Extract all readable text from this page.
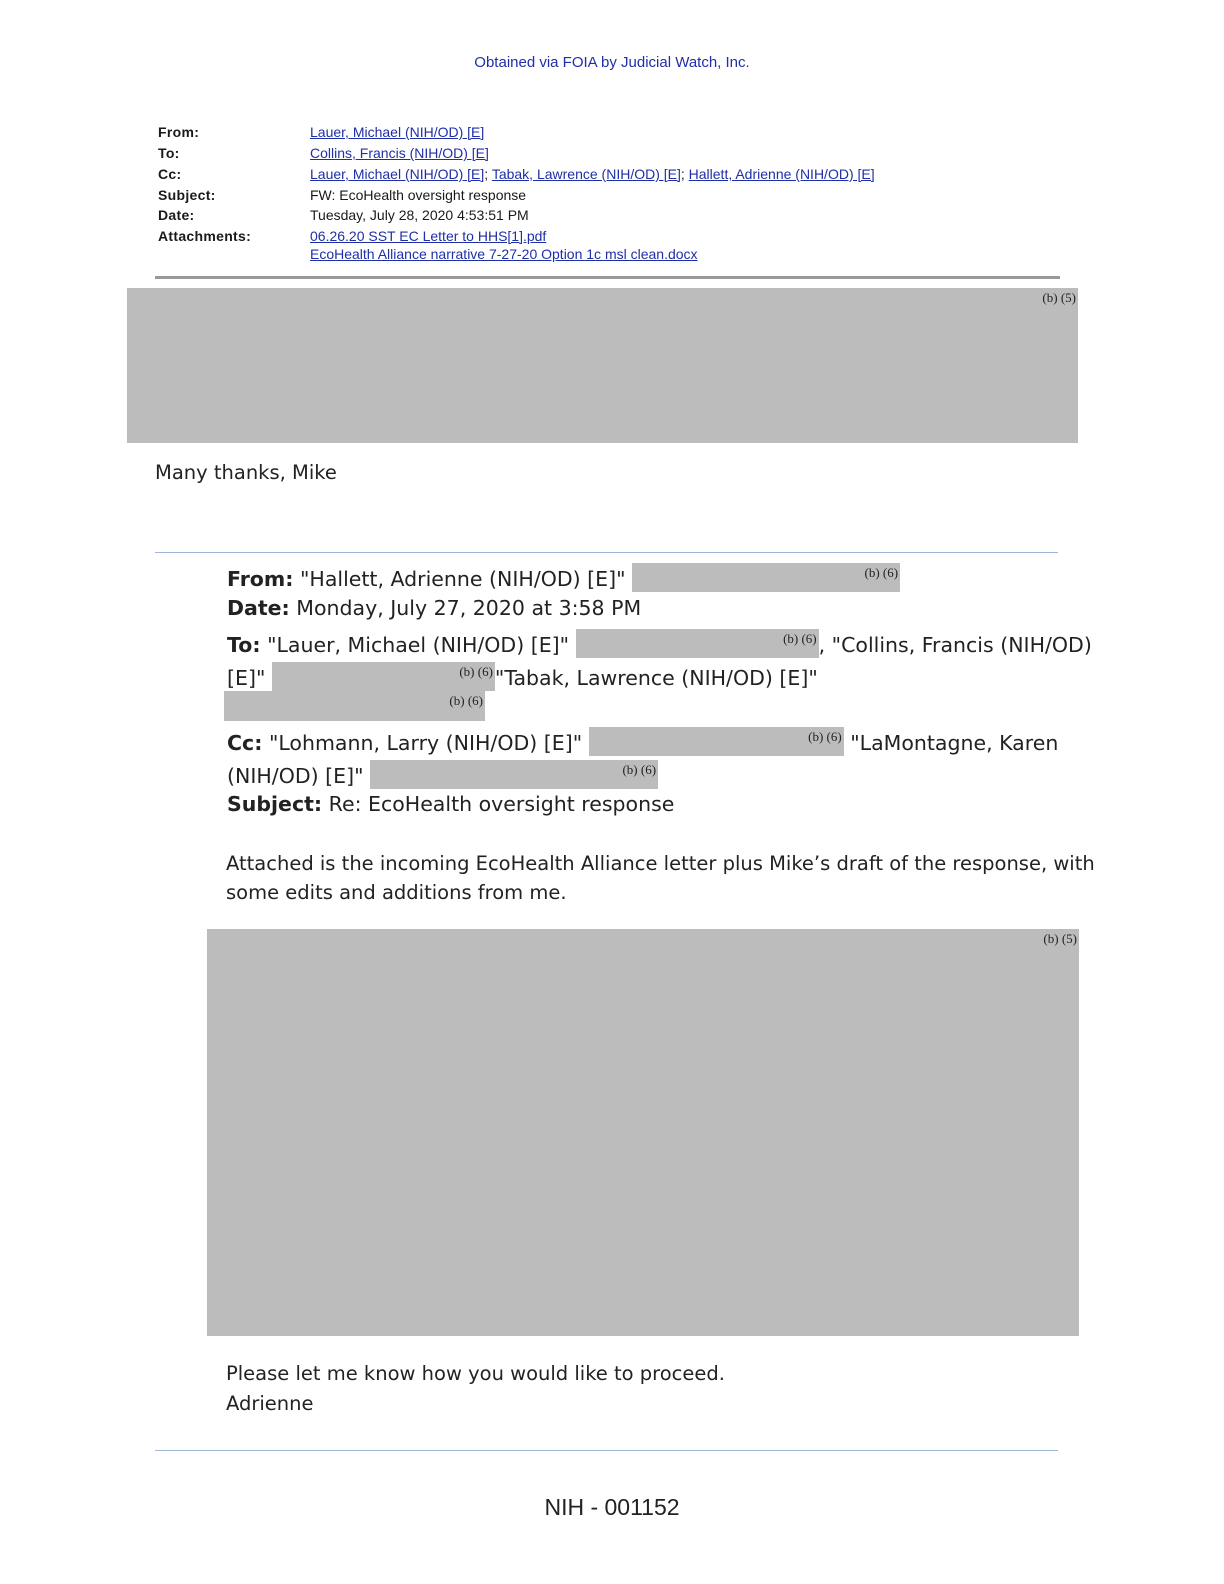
Obtained via FOIA by Judicial Watch, Inc.
From:	Lauer, Michael (NIH/OD) [E]
To:	Collins, Francis (NIH/OD) [E]
Cc:	Lauer, Michael (NIH/OD) [E]; Tabak, Lawrence (NIH/OD) [E]; Hallett, Adrienne (NIH/OD) [E]
Subject:	FW: EcoHealth oversight response
Date:	Tuesday, July 28, 2020 4:53:51 PM
Attachments:	06.26.20 SST EC Letter to HHS[1].pdf
EcoHealth Alliance narrative 7-27-20 Option 1c msl clean.docx
(b) (5)
Many thanks, Mike
From: "Hallett, Adrienne (NIH/OD) [E]"	(b) (6)
Date: Monday, July 27, 2020 at 3:58 PM
To: "Lauer, Michael (NIH/OD) [E]"	(b) (6) , "Collins, Francis (NIH/OD)
[E]"	(b) (6) "Tabak, Lawrence (NIH/OD) [E]"
(b) (6)
Cc: "Lohmann, Larry (NIH/OD) [E]"	(b) (6) "LaMontagne, Karen
(NIH/OD) [E]"	(b) (6)
Subject: Re: EcoHealth oversight response
Attached is the incoming EcoHealth Alliance letter plus Mike’s draft of the response, with
some edits and additions from me.
(b) (5)
Please let me know how you would like to proceed.
Adrienne
NIH - 001152
